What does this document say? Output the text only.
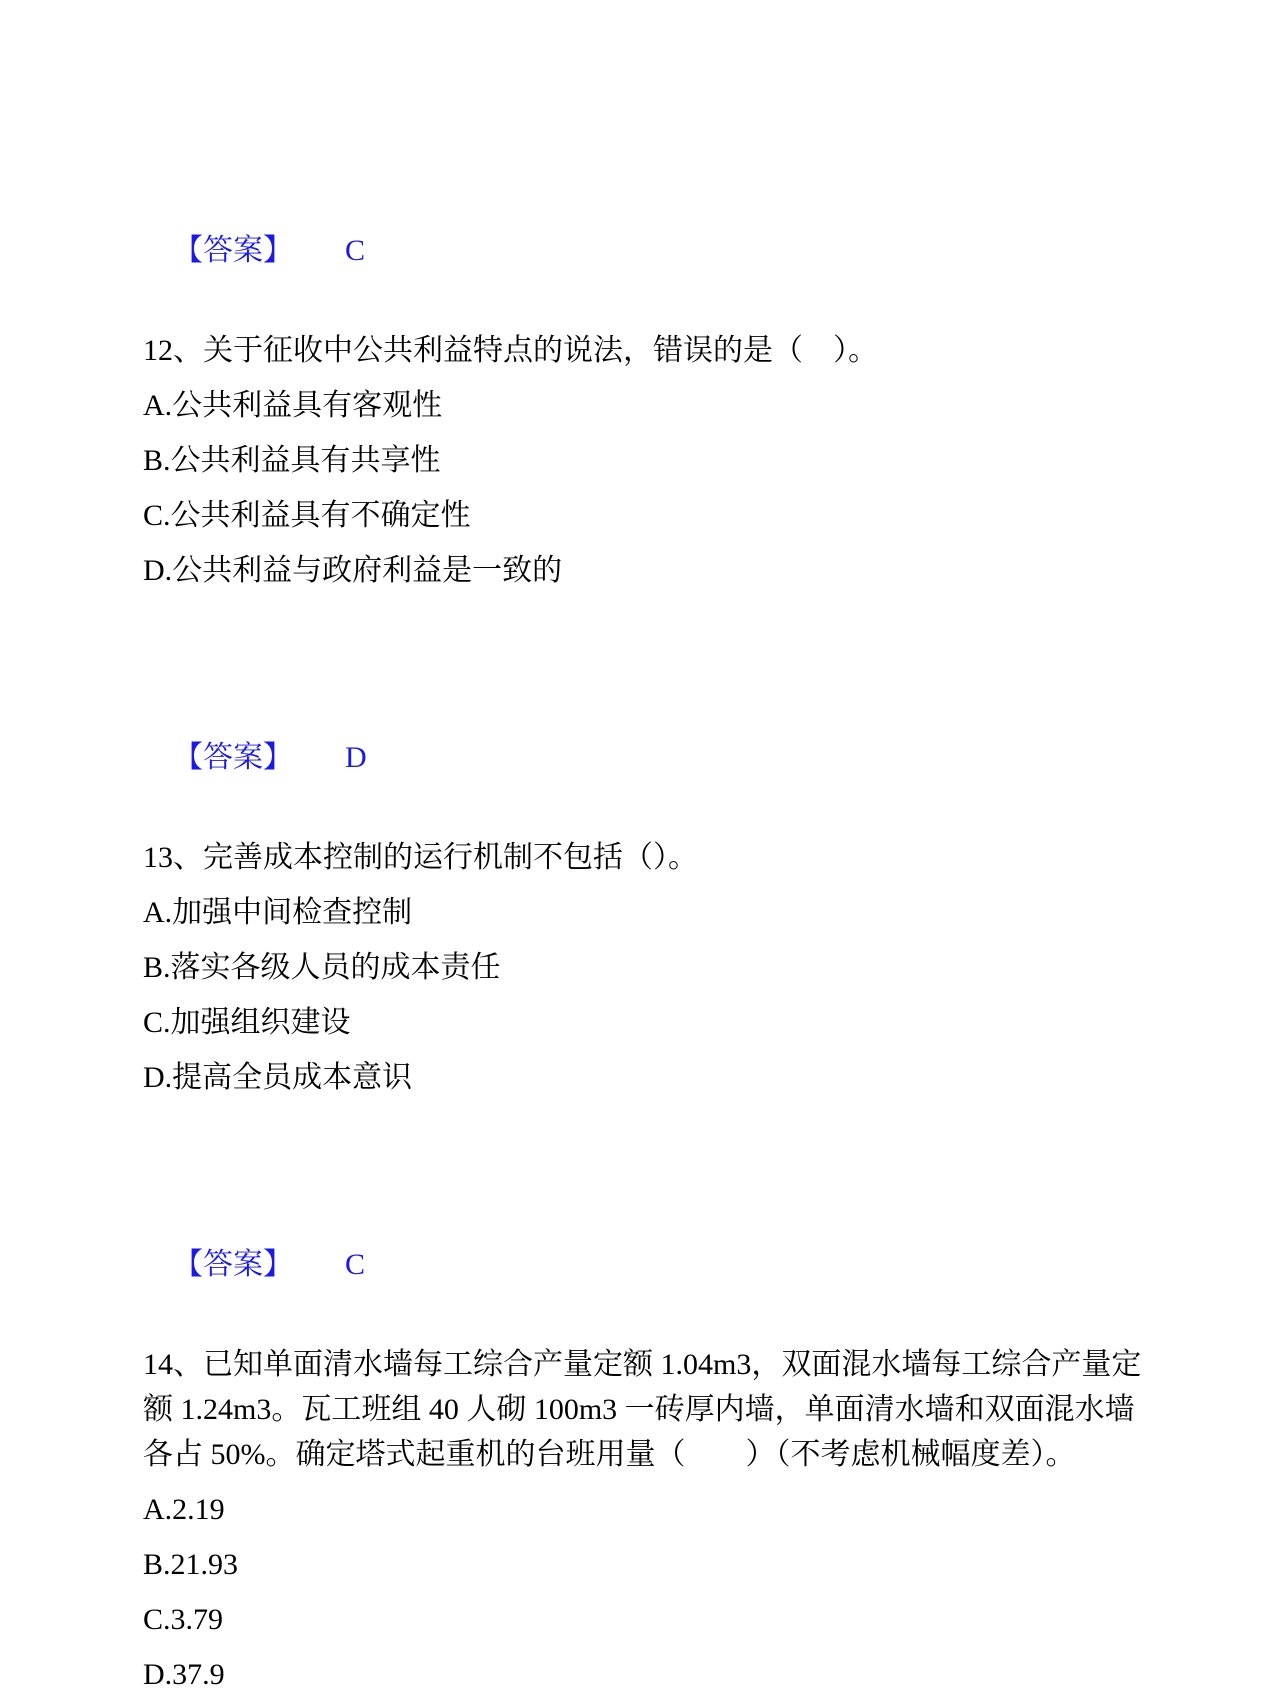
【答案】 C

12、关于征收中公共利益特点的说法，错误的是（　）。
A.公共利益具有客观性
B.公共利益具有共享性
C.公共利益具有不确定性
D.公共利益与政府利益是一致的

【答案】 D

13、完善成本控制的运行机制不包括（）。
A.加强中间检查控制
B.落实各级人员的成本责任
C.加强组织建设
D.提高全员成本意识

【答案】 C

14、已知单面清水墙每工综合产量定额 1.04m3，双面混水墙每工综合产量定
额 1.24m3。瓦工班组 40 人砌 100m3 一砖厚内墙，单面清水墙和双面混水墙
各占 50%。确定塔式起重机的台班用量（　　）（不考虑机械幅度差）。
A.2.19
B.21.93
C.3.79
D.37.9
